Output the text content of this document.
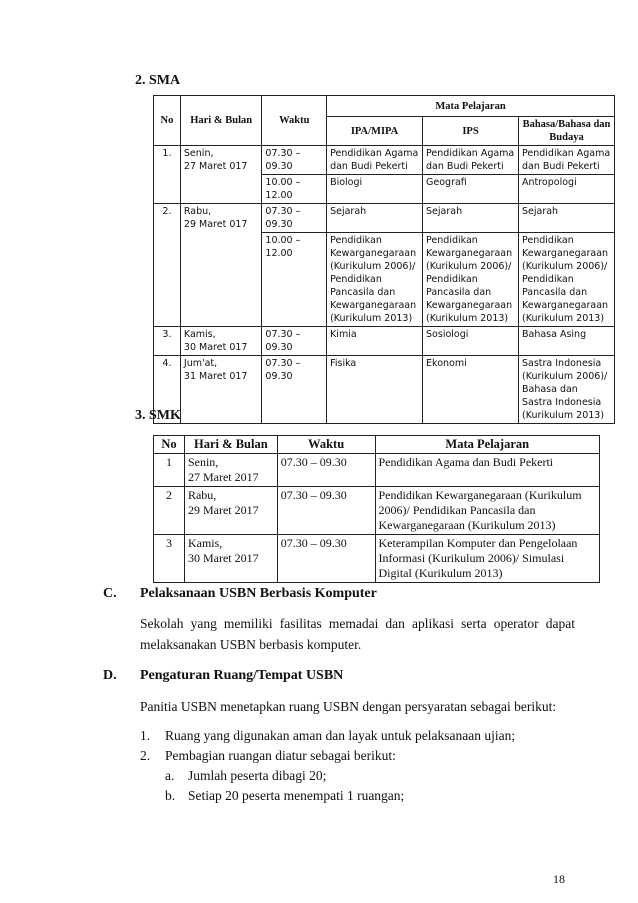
2. SMA
No	Hari & Bulan	Waktu	Mata Pelajaran		
			IPA/MIPA	IPS	Bahasa/Bahasa dan Budaya
1.	Senin,
27 Maret 017	07.30 – 09.30	Pendidikan Agama dan Budi Pekerti	Pendidikan Agama dan Budi Pekerti	Pendidikan Agama dan Budi Pekerti
		10.00 – 12.00	Biologi	Geografi	Antropologi
2.	Rabu,
29 Maret 017	07.30 – 09.30	Sejarah	Sejarah	Sejarah
		10.00 – 12.00	Pendidikan Kewarganegaraan (Kurikulum 2006)/ Pendidikan Pancasila dan Kewarganegaraan (Kurikulum 2013)	Pendidikan Kewarganegaraan (Kurikulum 2006)/ Pendidikan Pancasila dan Kewarganegaraan (Kurikulum 2013)	Pendidikan Kewarganegaraan (Kurikulum 2006)/ Pendidikan Pancasila dan Kewarganegaraan (Kurikulum 2013)
3.	Kamis,
30 Maret 017	07.30 – 09.30	Kimia	Sosiologi	Bahasa Asing
4.	Jum'at,
31 Maret 017	07.30 – 09.30	Fisika	Ekonomi	Sastra Indonesia (Kurikulum 2006)/ Bahasa dan Sastra Indonesia (Kurikulum 2013)
3. SMK
No	Hari & Bulan	Waktu	Mata Pelajaran
1	Senin,
27 Maret 2017	07.30 – 09.30	Pendidikan Agama dan Budi Pekerti
2	Rabu,
29 Maret 2017	07.30 – 09.30	Pendidikan Kewarganegaraan (Kurikulum 2006)/ Pendidikan Pancasila dan Kewarganegaraan (Kurikulum 2013)
3	Kamis,
30 Maret 2017	07.30 – 09.30	Keterampilan Komputer dan Pengelolaan Informasi (Kurikulum 2006)/ Simulasi Digital (Kurikulum 2013)
C. Pelaksanaan USBN Berbasis Komputer
Sekolah yang memiliki fasilitas memadai dan aplikasi serta operator dapat melaksanakan USBN berbasis komputer.
D. Pengaturan Ruang/Tempat USBN
Panitia USBN menetapkan ruang USBN dengan persyaratan sebagai berikut:
1. Ruang yang digunakan aman dan layak untuk pelaksanaan ujian;
2. Pembagian ruangan diatur sebagai berikut:
a. Jumlah peserta dibagi 20;
b. Setiap 20 peserta menempati 1 ruangan;
18
